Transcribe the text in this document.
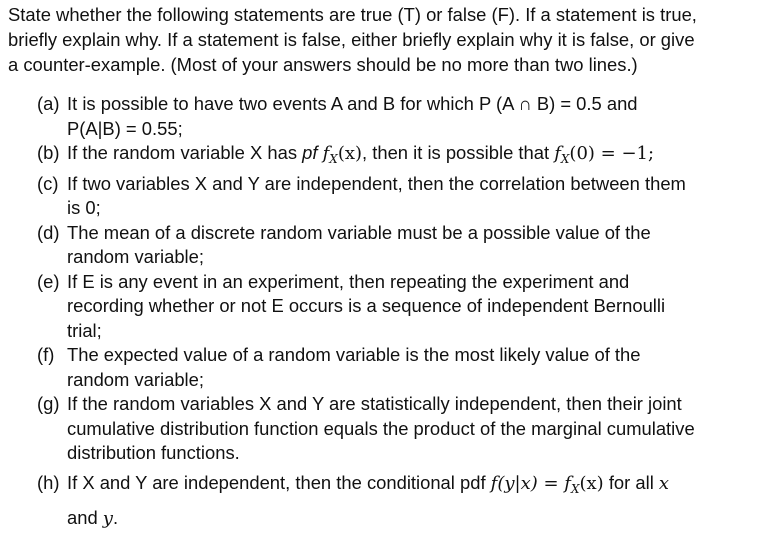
State whether the following statements are true (T) or false (F). If a statement is true,
briefly explain why. If a statement is false, either briefly explain why it is false, or give
a counter-example. (Most of your answers should be no more than two lines.)

(a) It is possible to have two events A and B for which P (A ∩ B) = 0.5 and
P(A|B) = 0.55;
(b) If the random variable X has pf $f_X(x)$, then it is possible that $f_X(0) = -1$;
(c) If two variables X and Y are independent, then the correlation between them
is 0;
(d) The mean of a discrete random variable must be a possible value of the
random variable;
(e) If E is any event in an experiment, then repeating the experiment and
recording whether or not E occurs is a sequence of independent Bernoulli
trial;
(f) The expected value of a random variable is the most likely value of the
random variable;
(g) If the random variables X and Y are statistically independent, then their joint
cumulative distribution function equals the product of the marginal cumulative
distribution functions.
(h) If X and Y are independent, then the conditional pdf $f(y|x) = f_X(x)$ for all x
and y.
